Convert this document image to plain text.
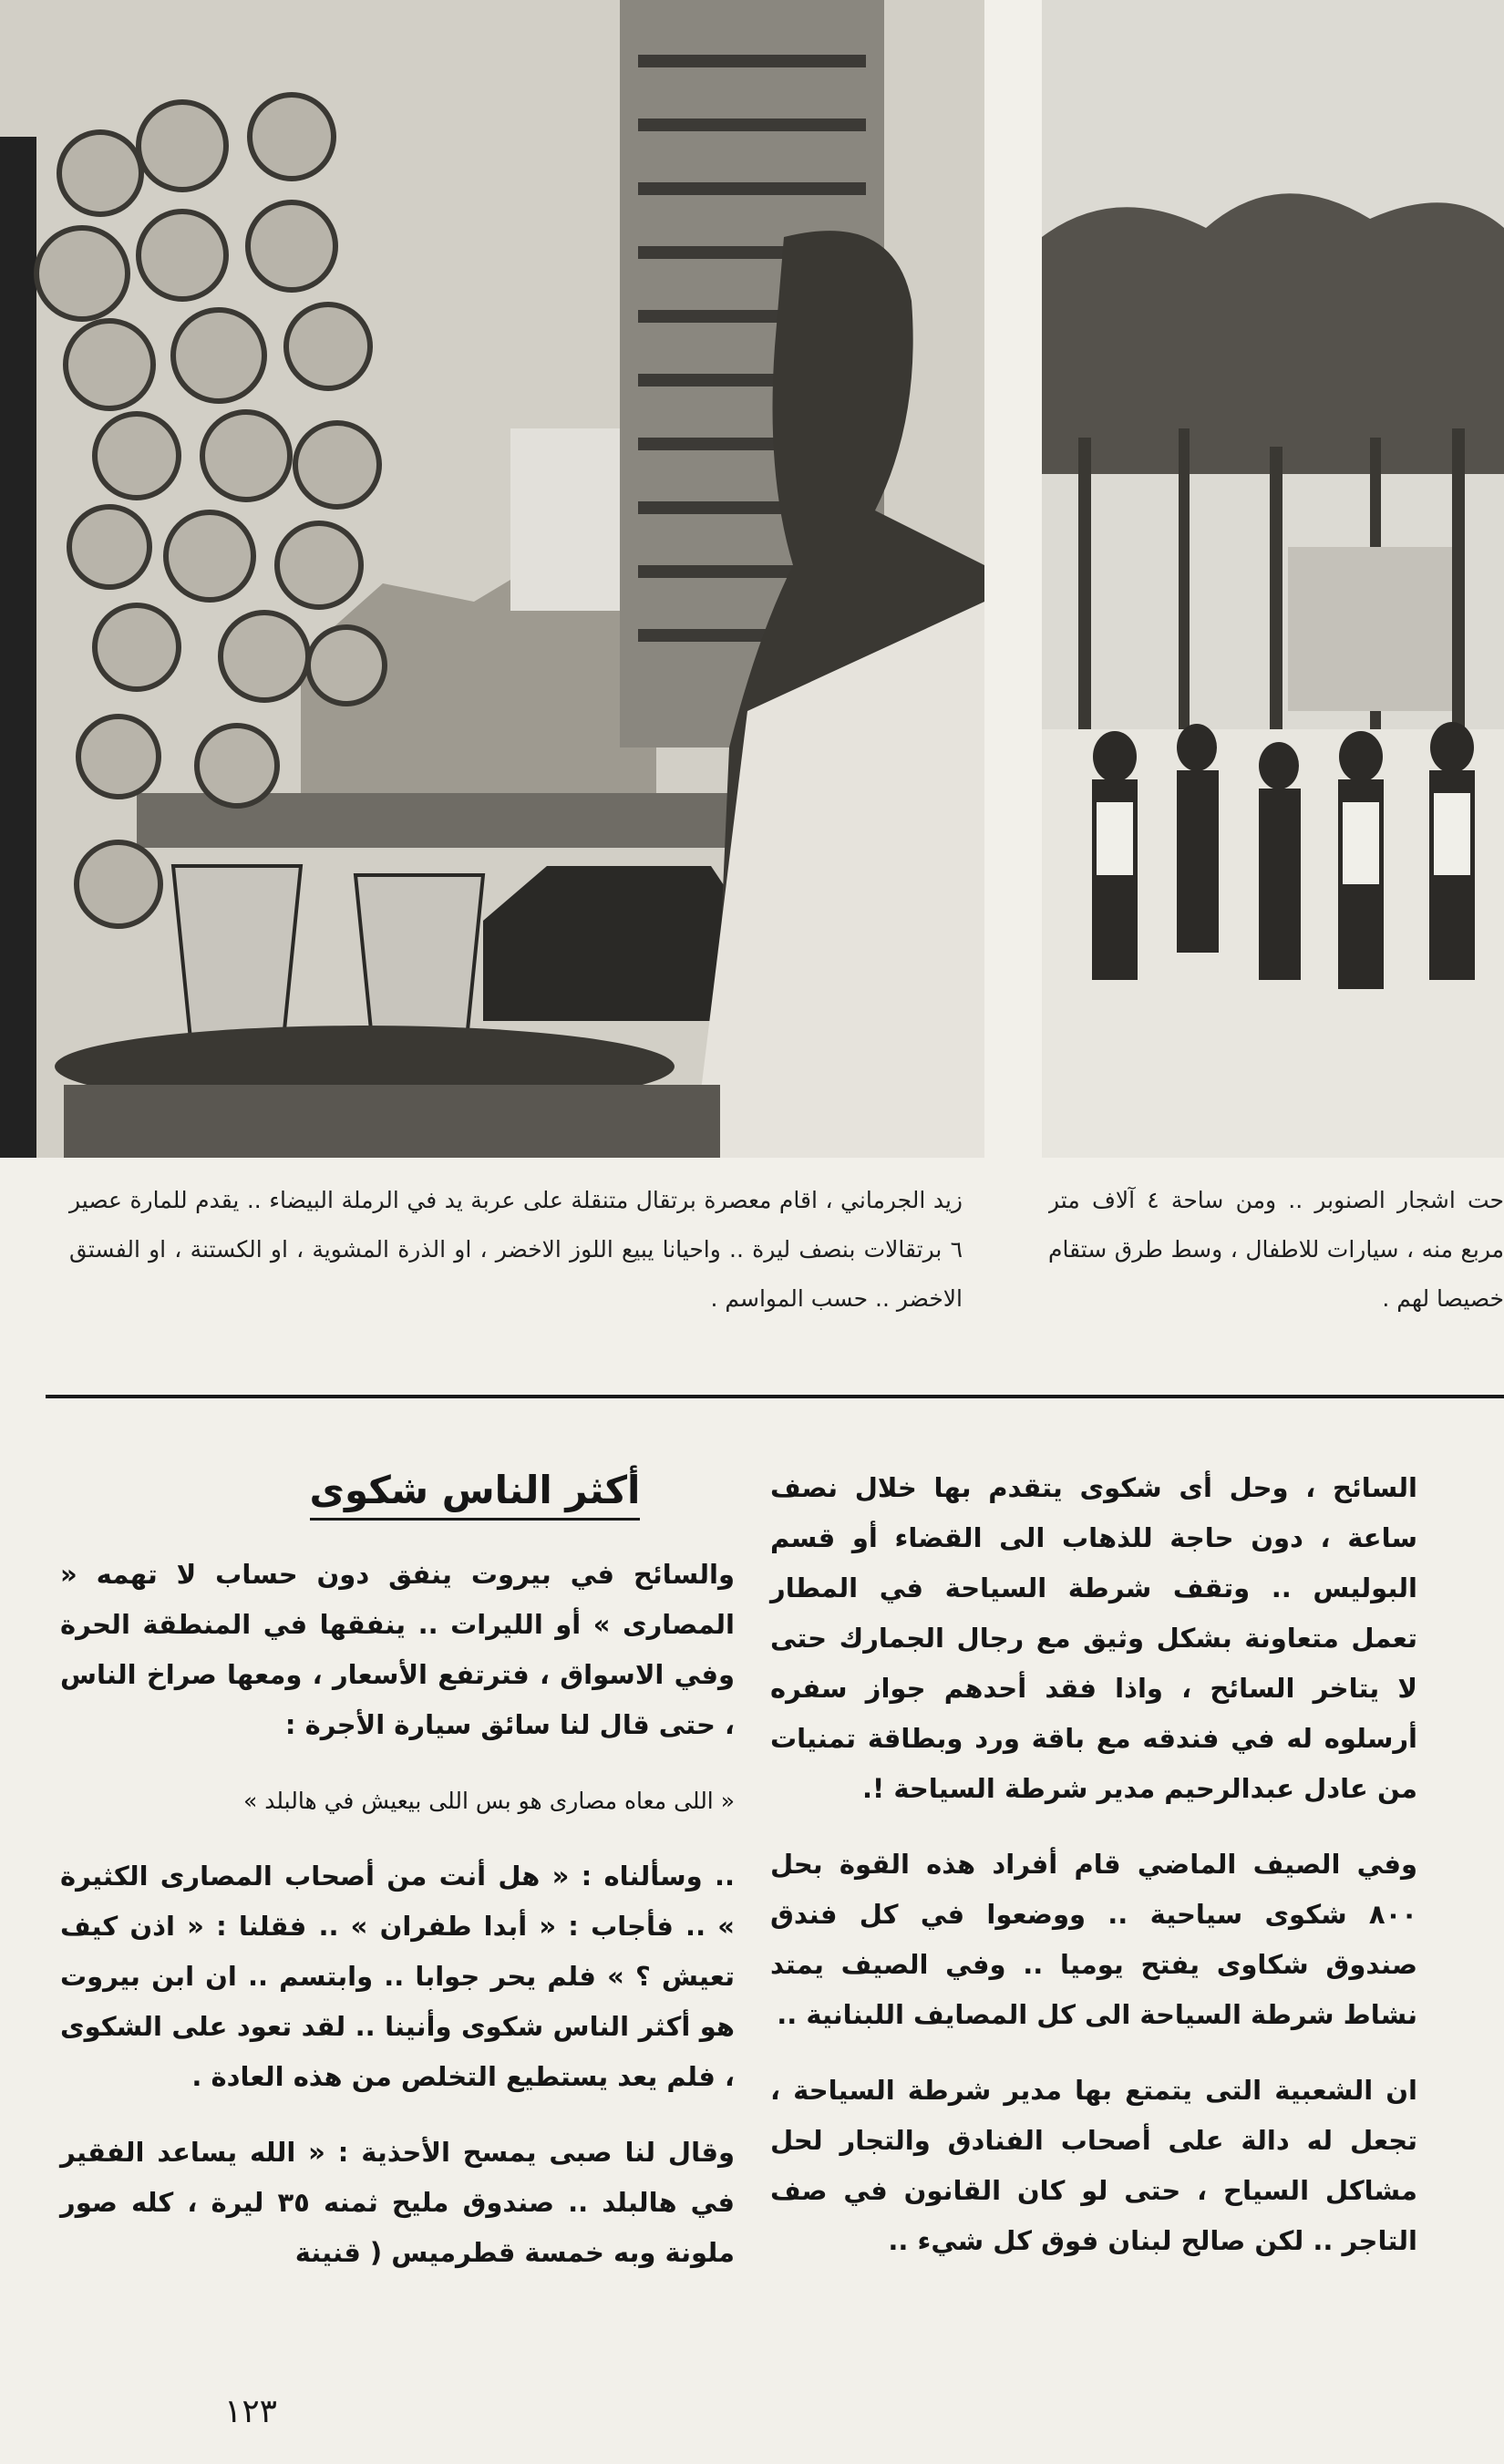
زيد الجرماني ، اقام معصرة برتقال متنقلة على عربة يد في الرملة البيضاء .. يقدم للمارة عصير ٦ برتقالات بنصف ليرة .. واحيانا يبيع اللوز الاخضر ، او الذرة المشوية ، او الكستنة ، او الفستق الاخضر .. حسب المواسم .

حت اشجار الصنوبر .. ومن ساحة ٤ آلاف متر مربع منه ، سيارات للاطفال ، وسط طرق ستقام خصيصا لهم .

السائح ، وحل أى شكوى يتقدم بها خلال نصف ساعة ، دون حاجة للذهاب الى القضاء أو قسم البوليس .. وتقف شرطة السياحة في المطار تعمل متعاونة بشكل وثيق مع رجال الجمارك حتى لا يتاخر السائح ، واذا فقد أحدهم جواز سفره أرسلوه له في فندقه مع باقة ورد وبطاقة تمنيات من عادل عبدالرحيم مدير شرطة السياحة !.

وفي الصيف الماضي قام أفراد هذه القوة بحل ٨٠٠ شكوى سياحية .. ووضعوا في كل فندق صندوق شكاوى يفتح يوميا .. وفي الصيف يمتد نشاط شرطة السياحة الى كل المصايف اللبنانية ..

ان الشعبية التى يتمتع بها مدير شرطة السياحة ، تجعل له دالة على أصحاب الفنادق والتجار لحل مشاكل السياح ، حتى لو كان القانون في صف التاجر .. لكن صالح لبنان فوق كل شيء ..

أكثر الناس شكوى

والسائح في بيروت ينفق دون حساب لا تهمه « المصارى » أو الليرات .. ينفقها في المنطقة الحرة وفي الاسواق ، فترتفع الأسعار ، ومعها صراخ الناس ، حتى قال لنا سائق سيارة الأجرة :

« اللى معاه مصارى هو بس اللى بيعيش في هالبلد »

.. وسألناه : « هل أنت من أصحاب المصارى الكثيرة » .. فأجاب : « أبدا طفران » .. فقلنا : « اذن كيف تعيش ؟ » فلم يحر جوابا .. وابتسم .. ان ابن بيروت هو أكثر الناس شكوى وأنينا .. لقد تعود على الشكوى ، فلم يعد يستطيع التخلص من هذه العادة .

وقال لنا صبى يمسح الأحذية : « الله يساعد الفقير في هالبلد .. صندوق مليح ثمنه ٣٥ ليرة ، كله صور ملونة وبه خمسة قطرميس ( قنينة

١٢٣
